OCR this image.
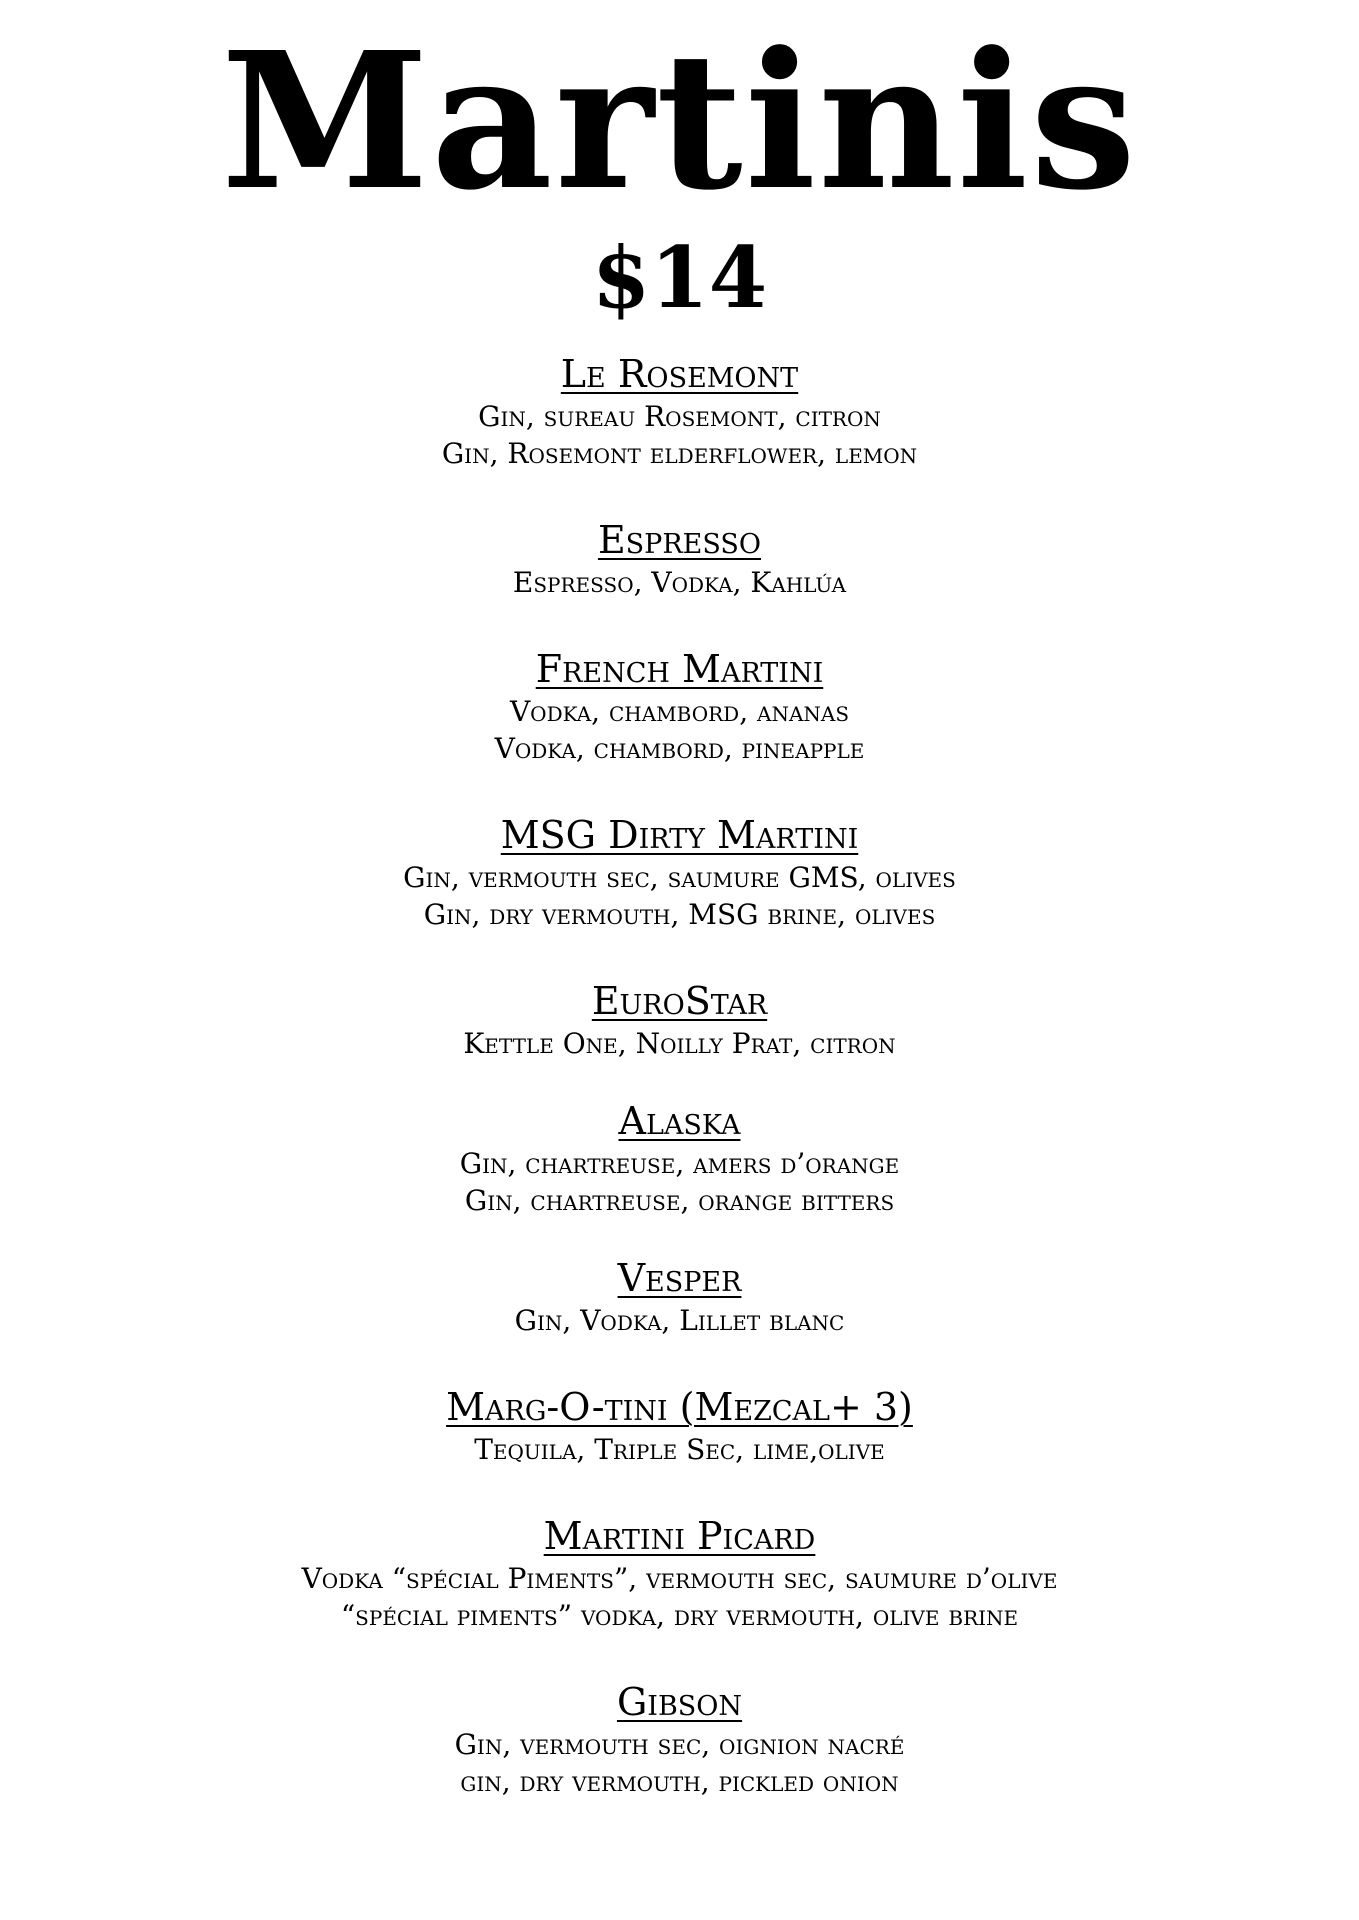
Martinis
$14
Le Rosemont
Gin, sureau Rosemont, citron
Gin, Rosemont elderflower, lemon
Espresso
Espresso, Vodka, Kahlúa
French Martini
Vodka, chambord, ananas
Vodka, chambord, pineapple
MSG Dirty Martini
Gin, vermouth sec, saumure GMS, olives
Gin, dry vermouth, MSG brine, olives
EuroStar
Kettle One, Noilly Prat, citron
Alaska
Gin, chartreuse, amers d’orange
Gin, chartreuse, orange bitters
Vesper
Gin, Vodka, Lillet blanc
Marg-O-tini (Mezcal+ 3)
Tequila, Triple Sec, lime,olive
Martini Picard
Vodka “spécial Piments”, vermouth sec, saumure d’olive
“spécial piments” vodka, dry vermouth, olive brine
Gibson
Gin, vermouth sec, oignion nacré
gin, dry vermouth, pickled onion
